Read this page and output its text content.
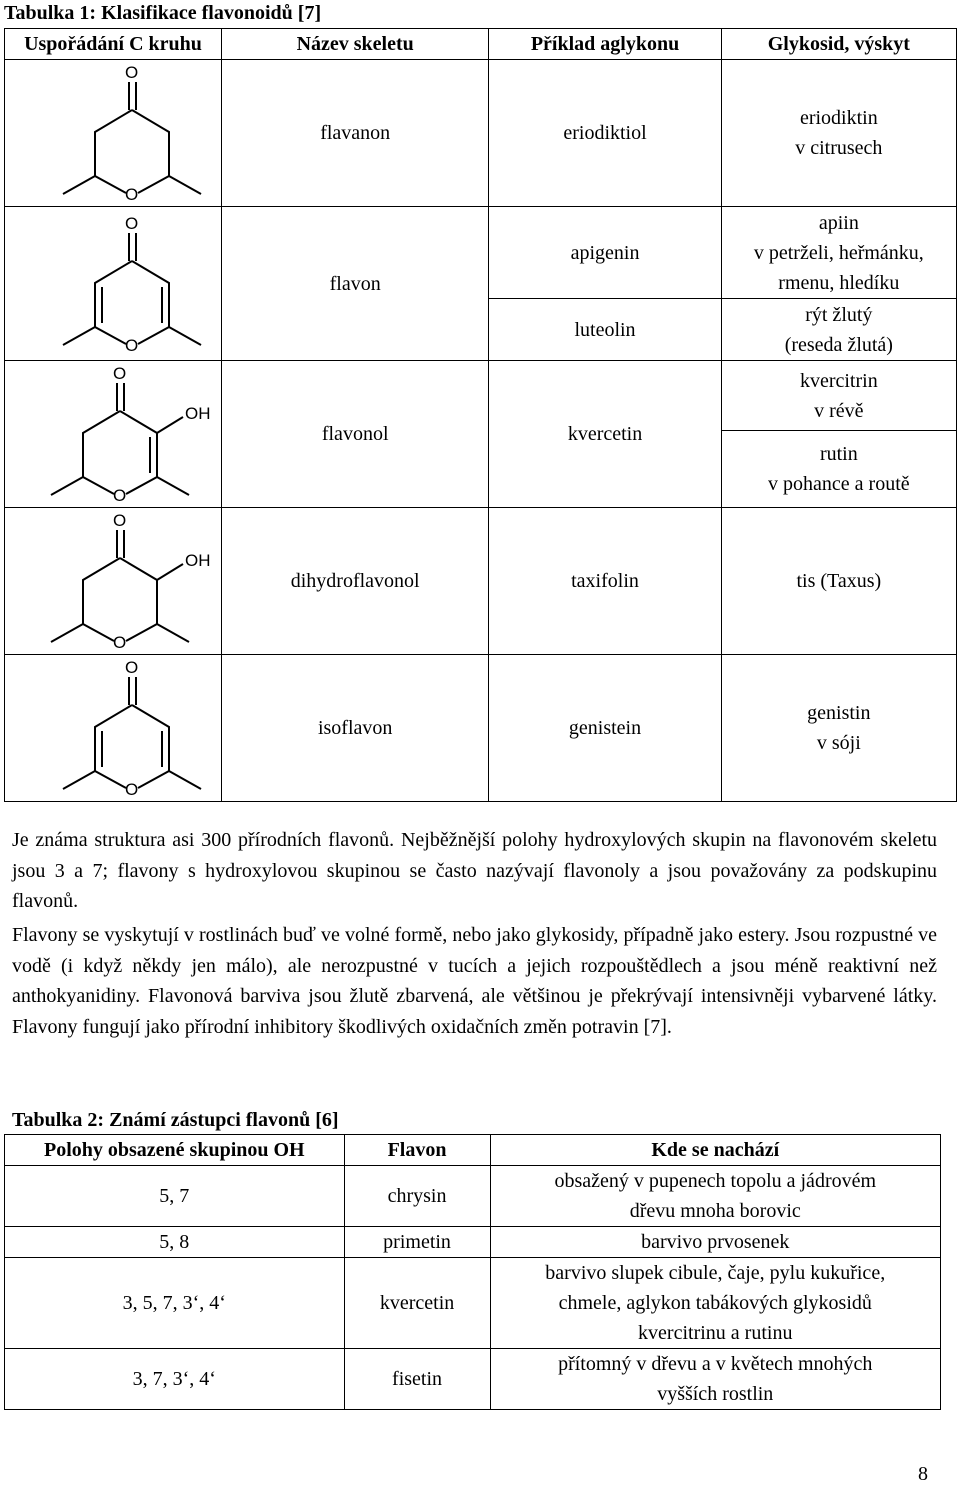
Tabulka 1: Klasifikace flavonoidů [7]
Uspořádání C kruhu	Název skeletu	Příklad aglykonu	Glykosid, výskyt

O
O	flavanon	eriodiktiol	eriodiktin
v citrusech

O
O	flavon	apigenin	apiin
v petrželi, heřmánku,
rmenu, hledíku

		luteolin	rýt žlutý
(reseda žlutá)

O
OH
O	flavonol	kvercetin	kvercitrin
v révě

			rutin
v pohance a routě

O
OH
O	dihydroflavonol	taxifolin	tis (Taxus)

O
O	isoflavon	genistein	genistin
v sóji
Je známa struktura asi 300 přírodních flavonů. Nejběžnější polohy hydroxylových skupin na flavonovém skeletu jsou 3 a 7; flavony s hydroxylovou skupinou se často nazývají flavonoly a jsou považovány za podskupinu flavonů.
Flavony se vyskytují v rostlinách buď ve volné formě, nebo jako glykosidy, případně jako estery. Jsou rozpustné ve vodě (i když někdy jen málo), ale nerozpustné v tucích a jejich rozpouštědlech a jsou méně reaktivní než anthokyanidiny. Flavonová barviva jsou žlutě zbarvená, ale většinou je překrývají intensivněji vybarvené látky. Flavony fungují jako přírodní inhibitory škodlivých oxidačních změn potravin [7].
Tabulka 2: Známí zástupci flavonů [6]
Polohy obsazené skupinou OH	Flavon	Kde se nachází
5, 7	chrysin	obsažený v pupenech topolu a jádrovém
dřevu mnoha borovic

5, 8	primetin	barvivo prvosenek

3, 5, 7, 3‘, 4‘	kvercetin	barvivo slupek cibule, čaje, pylu kukuřice,
chmele, aglykon tabákových glykosidů
kvercitrinu a rutinu

3, 7, 3‘, 4‘	fisetin	přítomný v dřevu a v květech mnohých
vyšších rostlin
8
